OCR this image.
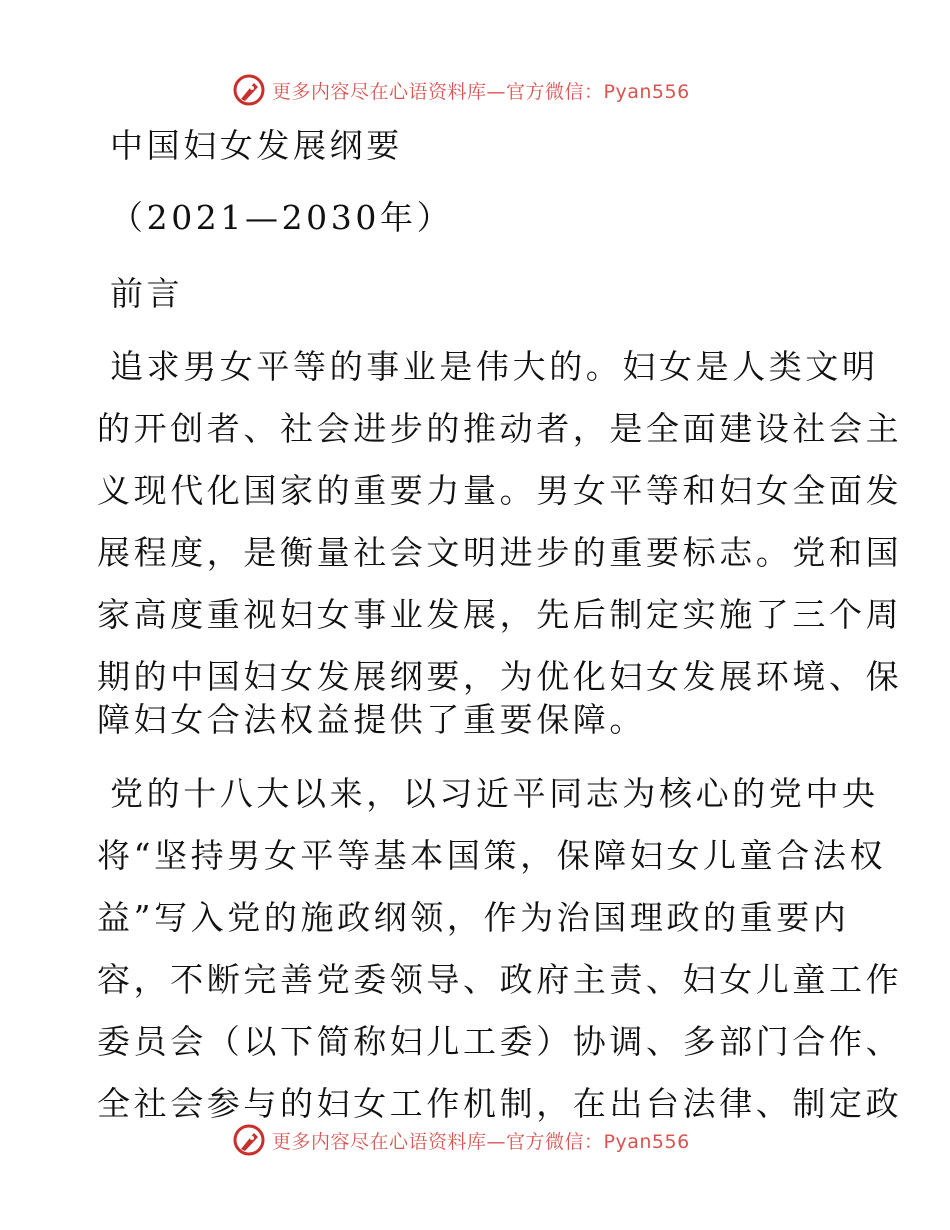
更多内容尽在心语资料库—官方微信：Pyan556
中国妇女发展纲要
（2021—2030年）
前言
追求男女平等的事业是伟大的。妇女是人类文明
的开创者、社会进步的推动者，是全面建设社会主
义现代化国家的重要力量。男女平等和妇女全面发
展程度，是衡量社会文明进步的重要标志。党和国
家高度重视妇女事业发展，先后制定实施了三个周
期的中国妇女发展纲要，为优化妇女发展环境、保
障妇女合法权益提供了重要保障。
党的十八大以来，以习近平同志为核心的党中央
将“坚持男女平等基本国策，保障妇女儿童合法权
益”写入党的施政纲领，作为治国理政的重要内
容，不断完善党委领导、政府主责、妇女儿童工作
委员会（以下简称妇儿工委）协调、多部门合作、
全社会参与的妇女工作机制，在出台法律、制定政
更多内容尽在心语资料库—官方微信：Pyan556
